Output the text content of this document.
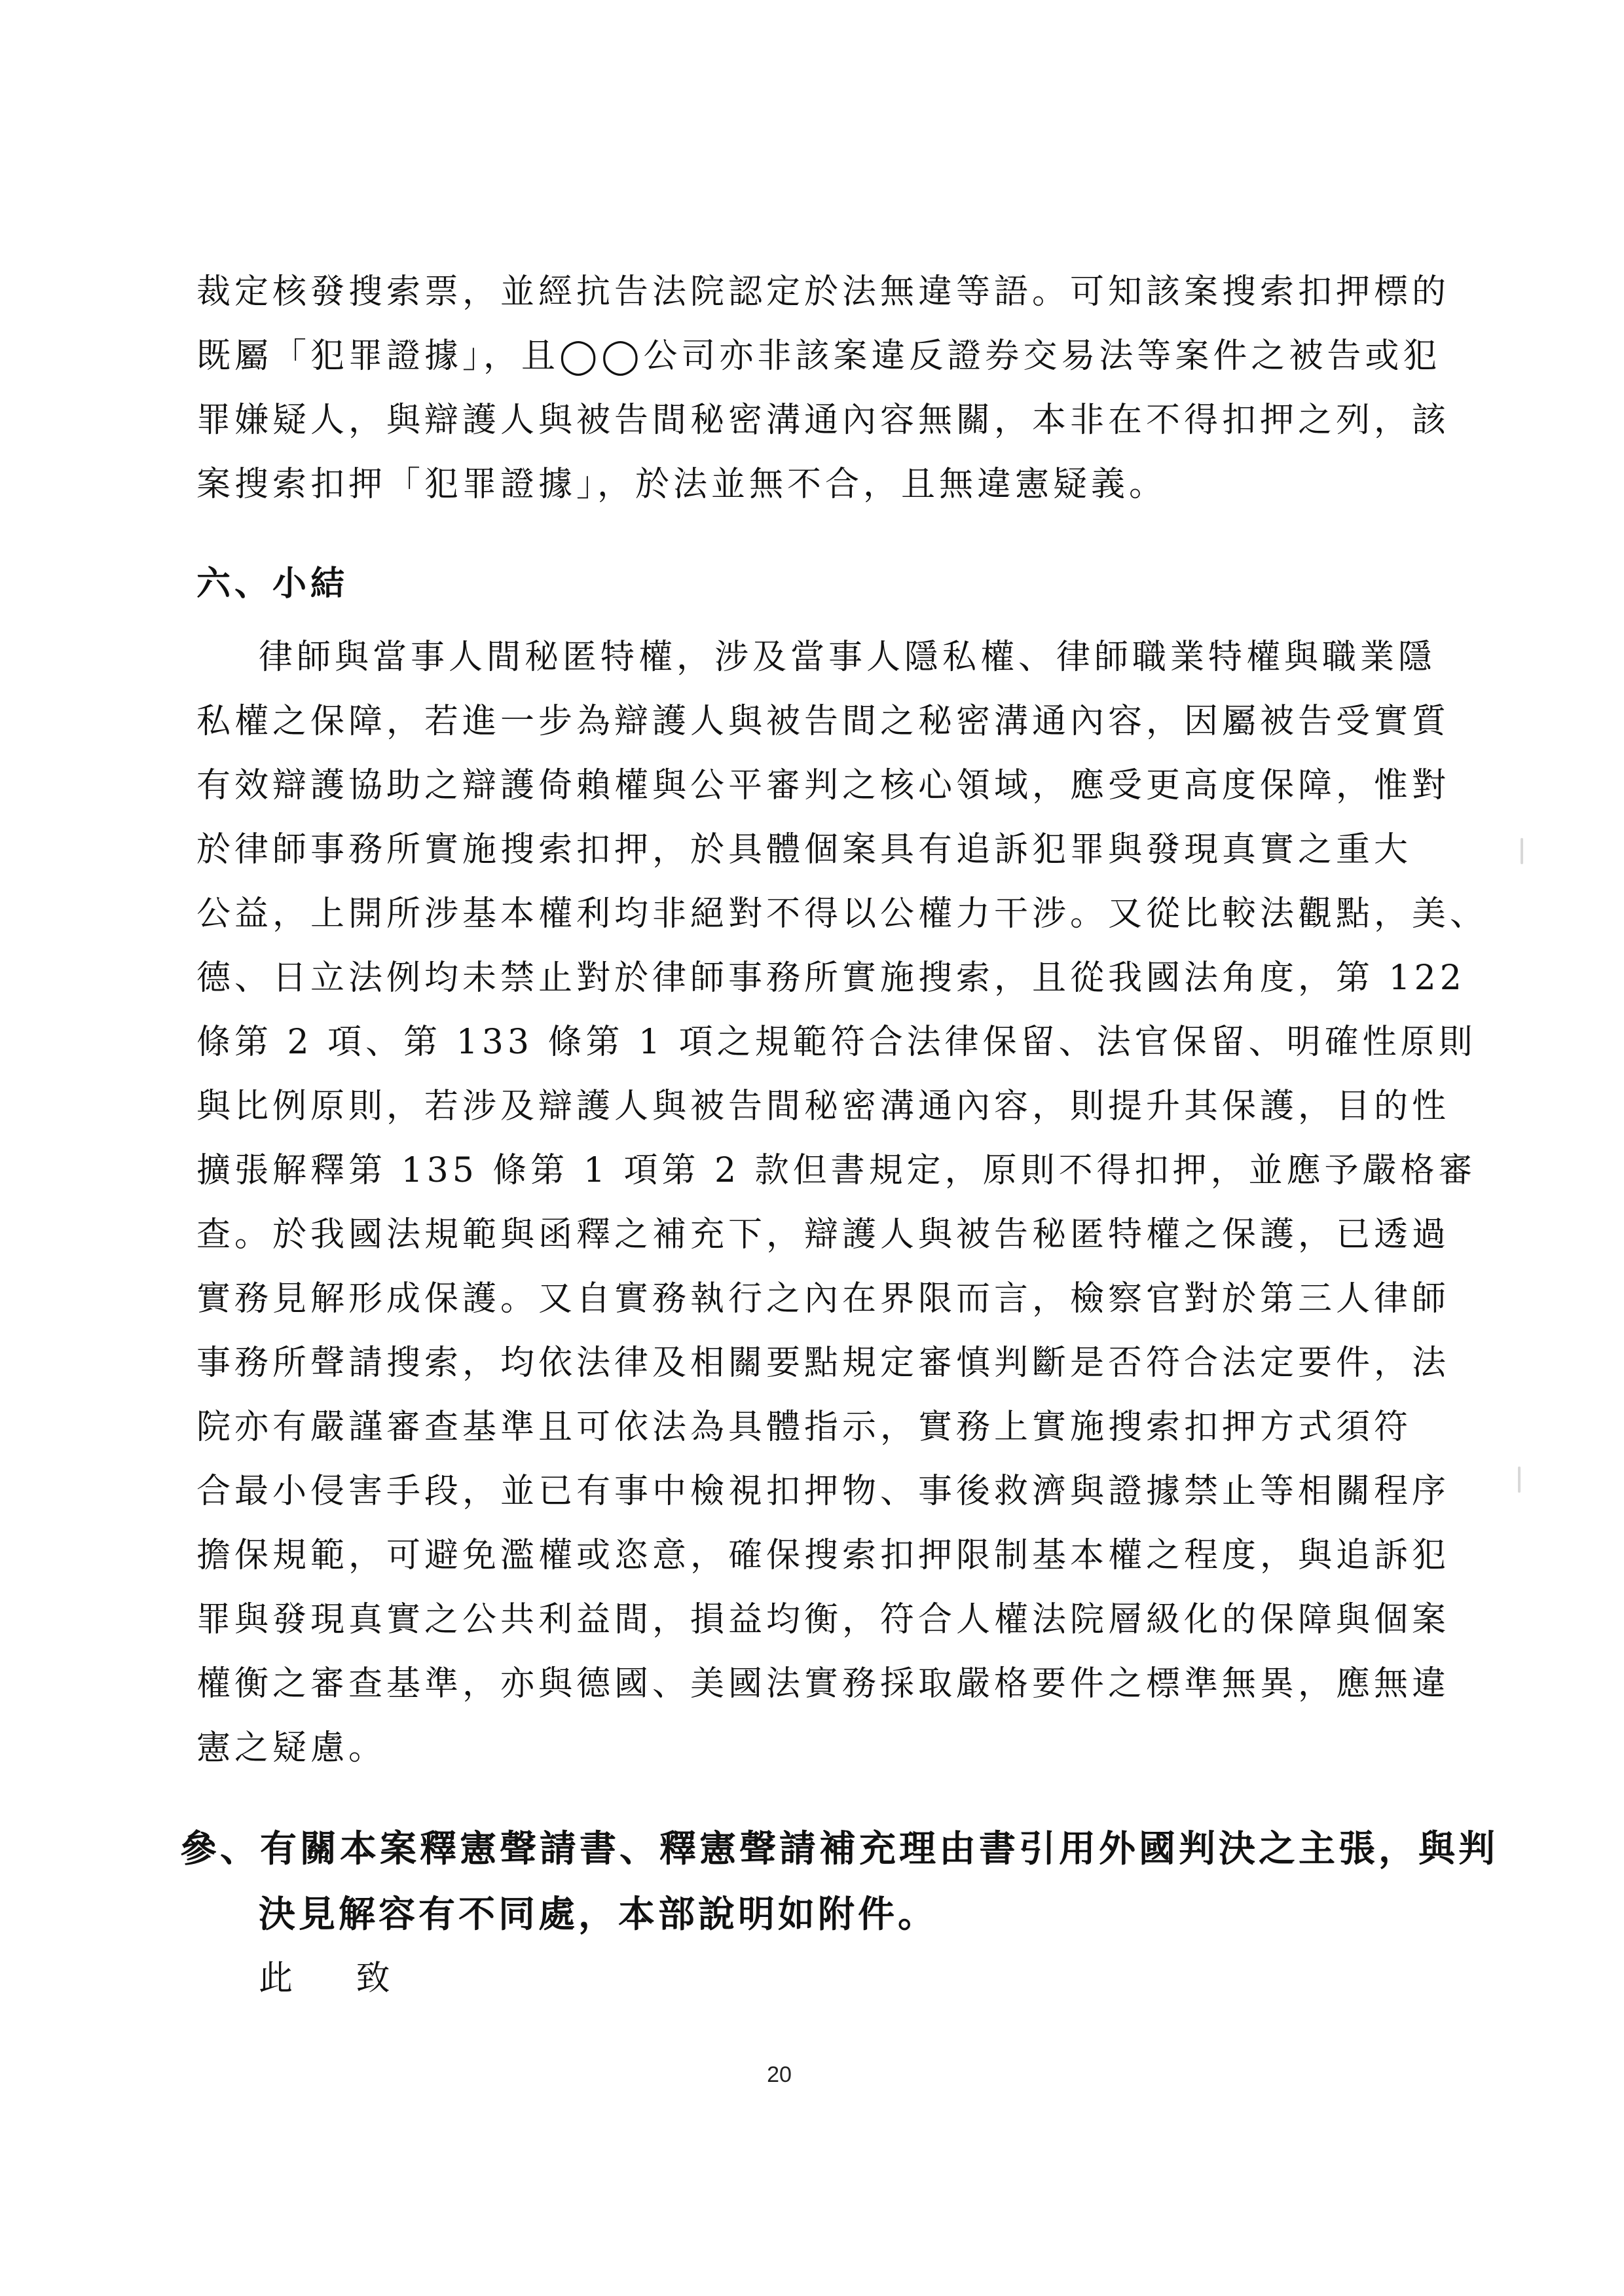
裁定核發搜索票，並經抗告法院認定於法無違等語。可知該案搜索扣押標的
既屬「犯罪證據」，且◯◯公司亦非該案違反證券交易法等案件之被告或犯
罪嫌疑人，與辯護人與被告間秘密溝通內容無關，本非在不得扣押之列，該
案搜索扣押「犯罪證據」，於法並無不合，且無違憲疑義。
六、小結
律師與當事人間秘匿特權，涉及當事人隱私權、律師職業特權與職業隱
私權之保障，若進一步為辯護人與被告間之秘密溝通內容，因屬被告受實質
有效辯護協助之辯護倚賴權與公平審判之核心領域，應受更高度保障，惟對
於律師事務所實施搜索扣押，於具體個案具有追訴犯罪與發現真實之重大
公益，上開所涉基本權利均非絕對不得以公權力干涉。又從比較法觀點，美、
德、日立法例均未禁止對於律師事務所實施搜索，且從我國法角度，第 122
條第 2 項、第 133 條第 1 項之規範符合法律保留、法官保留、明確性原則
與比例原則，若涉及辯護人與被告間秘密溝通內容，則提升其保護，目的性
擴張解釋第 135 條第 1 項第 2 款但書規定，原則不得扣押，並應予嚴格審
查。於我國法規範與函釋之補充下，辯護人與被告秘匿特權之保護，已透過
實務見解形成保護。又自實務執行之內在界限而言，檢察官對於第三人律師
事務所聲請搜索，均依法律及相關要點規定審慎判斷是否符合法定要件，法
院亦有嚴謹審查基準且可依法為具體指示，實務上實施搜索扣押方式須符
合最小侵害手段，並已有事中檢視扣押物、事後救濟與證據禁止等相關程序
擔保規範，可避免濫權或恣意，確保搜索扣押限制基本權之程度，與追訴犯
罪與發現真實之公共利益間，損益均衡，符合人權法院層級化的保障與個案
權衡之審查基準，亦與德國、美國法實務採取嚴格要件之標準無異，應無違
憲之疑慮。
參、有關本案釋憲聲請書、釋憲聲請補充理由書引用外國判決之主張，與判
決見解容有不同處，本部說明如附件。
此 致
20
